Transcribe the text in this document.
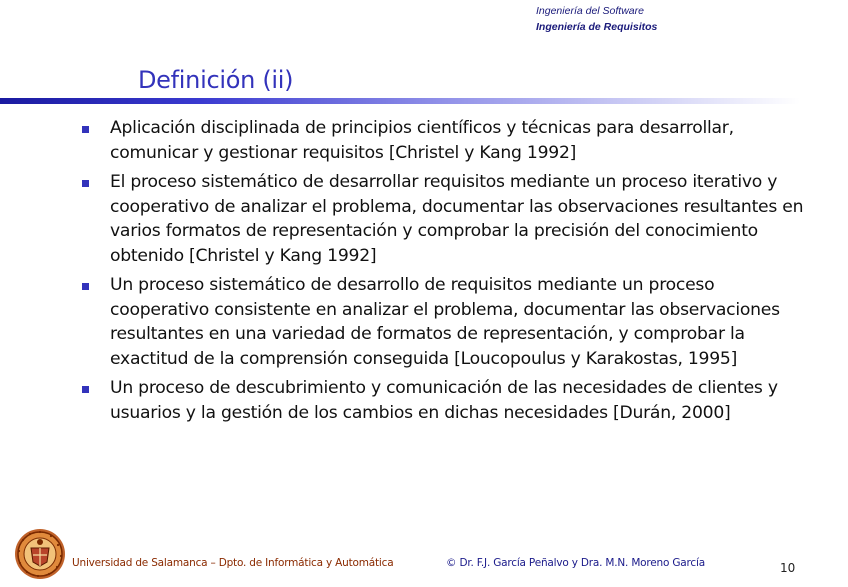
Ingeniería del Software
Ingeniería de Requisitos
Definición (ii)
Aplicación disciplinada de principios científicos y técnicas para desarrollar, comunicar y gestionar requisitos [Christel y Kang 1992]
El proceso sistemático de desarrollar requisitos mediante un proceso iterativo y cooperativo de analizar el problema, documentar las observaciones resultantes en varios formatos de representación y comprobar la precisión del conocimiento obtenido [Christel y Kang 1992]
Un proceso sistemático de desarrollo de requisitos mediante un proceso cooperativo consistente en analizar el problema, documentar las observaciones resultantes en una variedad de formatos de representación, y comprobar la exactitud de la comprensión conseguida [Loucopoulus y Karakostas, 1995]
Un proceso de descubrimiento y comunicación de las necesidades de clientes y usuarios y la gestión de los cambios en dichas necesidades [Durán, 2000]
Universidad de Salamanca – Dpto. de Informática y Automática	© Dr. F.J. García Peñalvo y Dra. M.N. Moreno García	10
